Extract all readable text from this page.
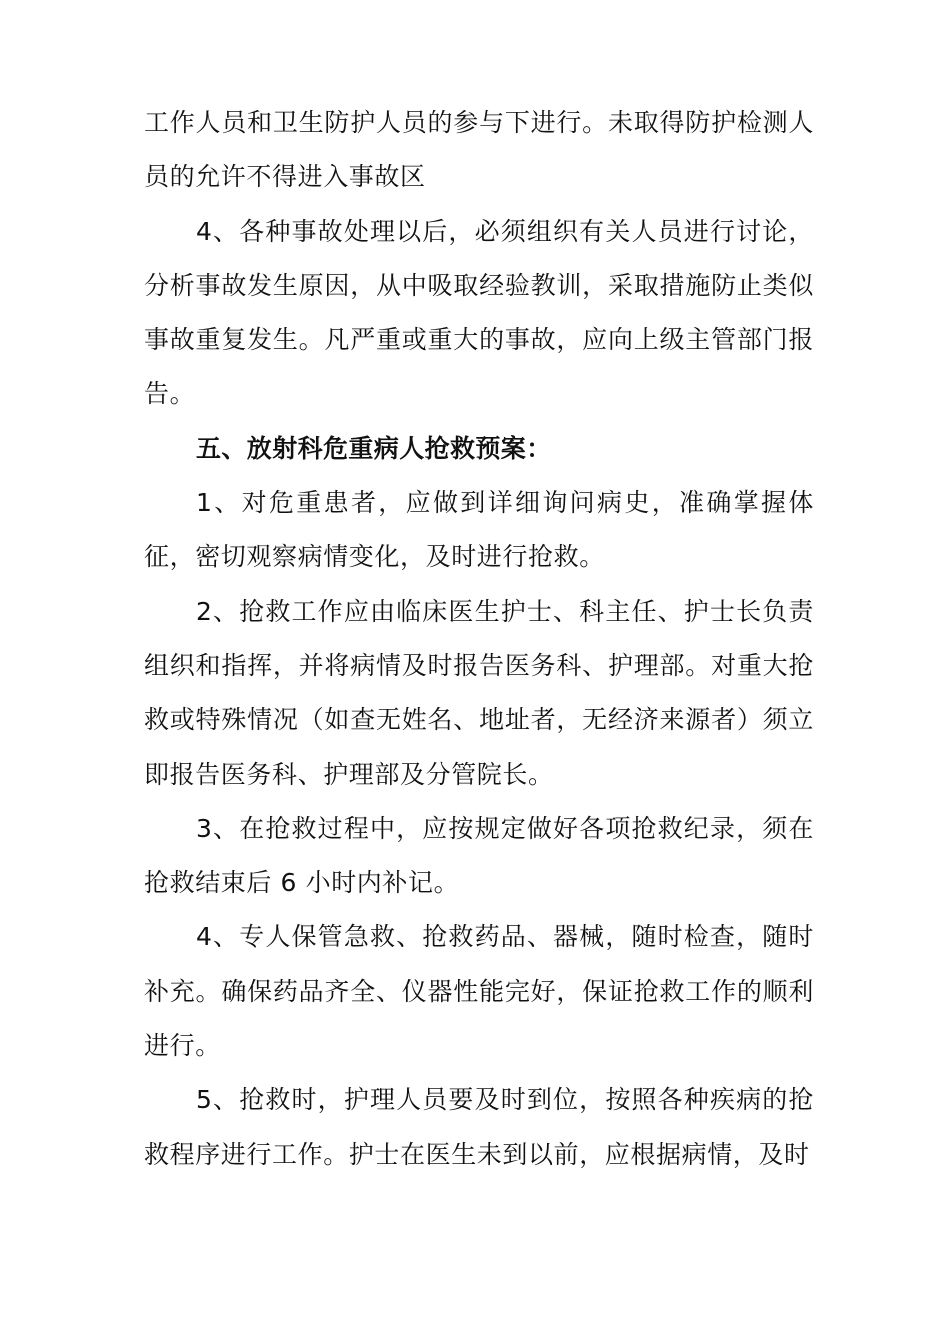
工作人员和卫生防护人员的参与下进行。未取得防护检测人员的允许不得进入事故区

4、各种事故处理以后，必须组织有关人员进行讨论，分析事故发生原因，从中吸取经验教训，采取措施防止类似事故重复发生。凡严重或重大的事故，应向上级主管部门报告。

五、放射科危重病人抢救预案：

1、对危重患者，应做到详细询问病史，准确掌握体征，密切观察病情变化，及时进行抢救。

2、抢救工作应由临床医生护士、科主任、护士长负责组织和指挥，并将病情及时报告医务科、护理部。对重大抢救或特殊情况（如查无姓名、地址者，无经济来源者）须立即报告医务科、护理部及分管院长。

3、在抢救过程中，应按规定做好各项抢救纪录，须在抢救结束后 6 小时内补记。

4、专人保管急救、抢救药品、器械，随时检查，随时补充。确保药品齐全、仪器性能完好，保证抢救工作的顺利进行。

5、抢救时，护理人员要及时到位，按照各种疾病的抢救程序进行工作。护士在医生未到以前，应根据病情，及时
